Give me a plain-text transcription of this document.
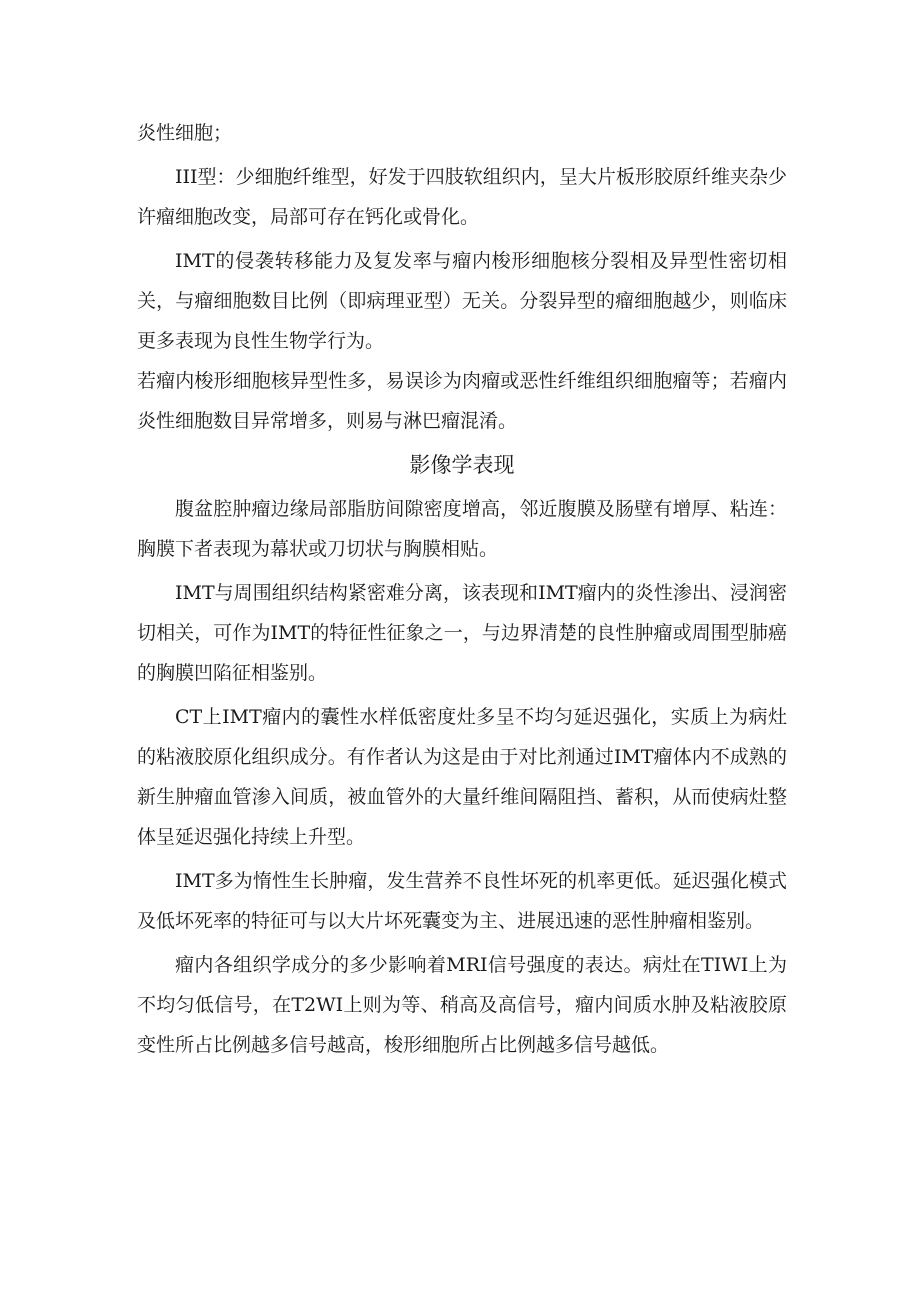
炎性细胞；

III型：少细胞纤维型，好发于四肢软组织内，呈大片板形胶原纤维夹杂少许瘤细胞改变，局部可存在钙化或骨化。

IMT的侵袭转移能力及复发率与瘤内梭形细胞核分裂相及异型性密切相关，与瘤细胞数目比例（即病理亚型）无关。分裂异型的瘤细胞越少，则临床更多表现为良性生物学行为。

若瘤内梭形细胞核异型性多，易误诊为肉瘤或恶性纤维组织细胞瘤等；若瘤内炎性细胞数目异常增多，则易与淋巴瘤混淆。

影像学表现

腹盆腔肿瘤边缘局部脂肪间隙密度增高，邻近腹膜及肠壁有增厚、粘连：胸膜下者表现为幕状或刀切状与胸膜相贴。

IMT与周围组织结构紧密难分离，该表现和IMT瘤内的炎性渗出、浸润密切相关，可作为IMT的特征性征象之一，与边界清楚的良性肿瘤或周围型肺癌的胸膜凹陷征相鉴别。

CT上IMT瘤内的囊性水样低密度灶多呈不均匀延迟强化，实质上为病灶的粘液胶原化组织成分。有作者认为这是由于对比剂通过IMT瘤体内不成熟的新生肿瘤血管渗入间质，被血管外的大量纤维间隔阻挡、蓄积，从而使病灶整体呈延迟强化持续上升型。

IMT多为惰性生长肿瘤，发生营养不良性坏死的机率更低。延迟强化模式及低坏死率的特征可与以大片坏死囊变为主、进展迅速的恶性肿瘤相鉴别。

瘤内各组织学成分的多少影响着MRI信号强度的表达。病灶在TIWI上为不均匀低信号，在T2WI上则为等、稍高及高信号，瘤内间质水肿及粘液胶原变性所占比例越多信号越高，梭形细胞所占比例越多信号越低。
